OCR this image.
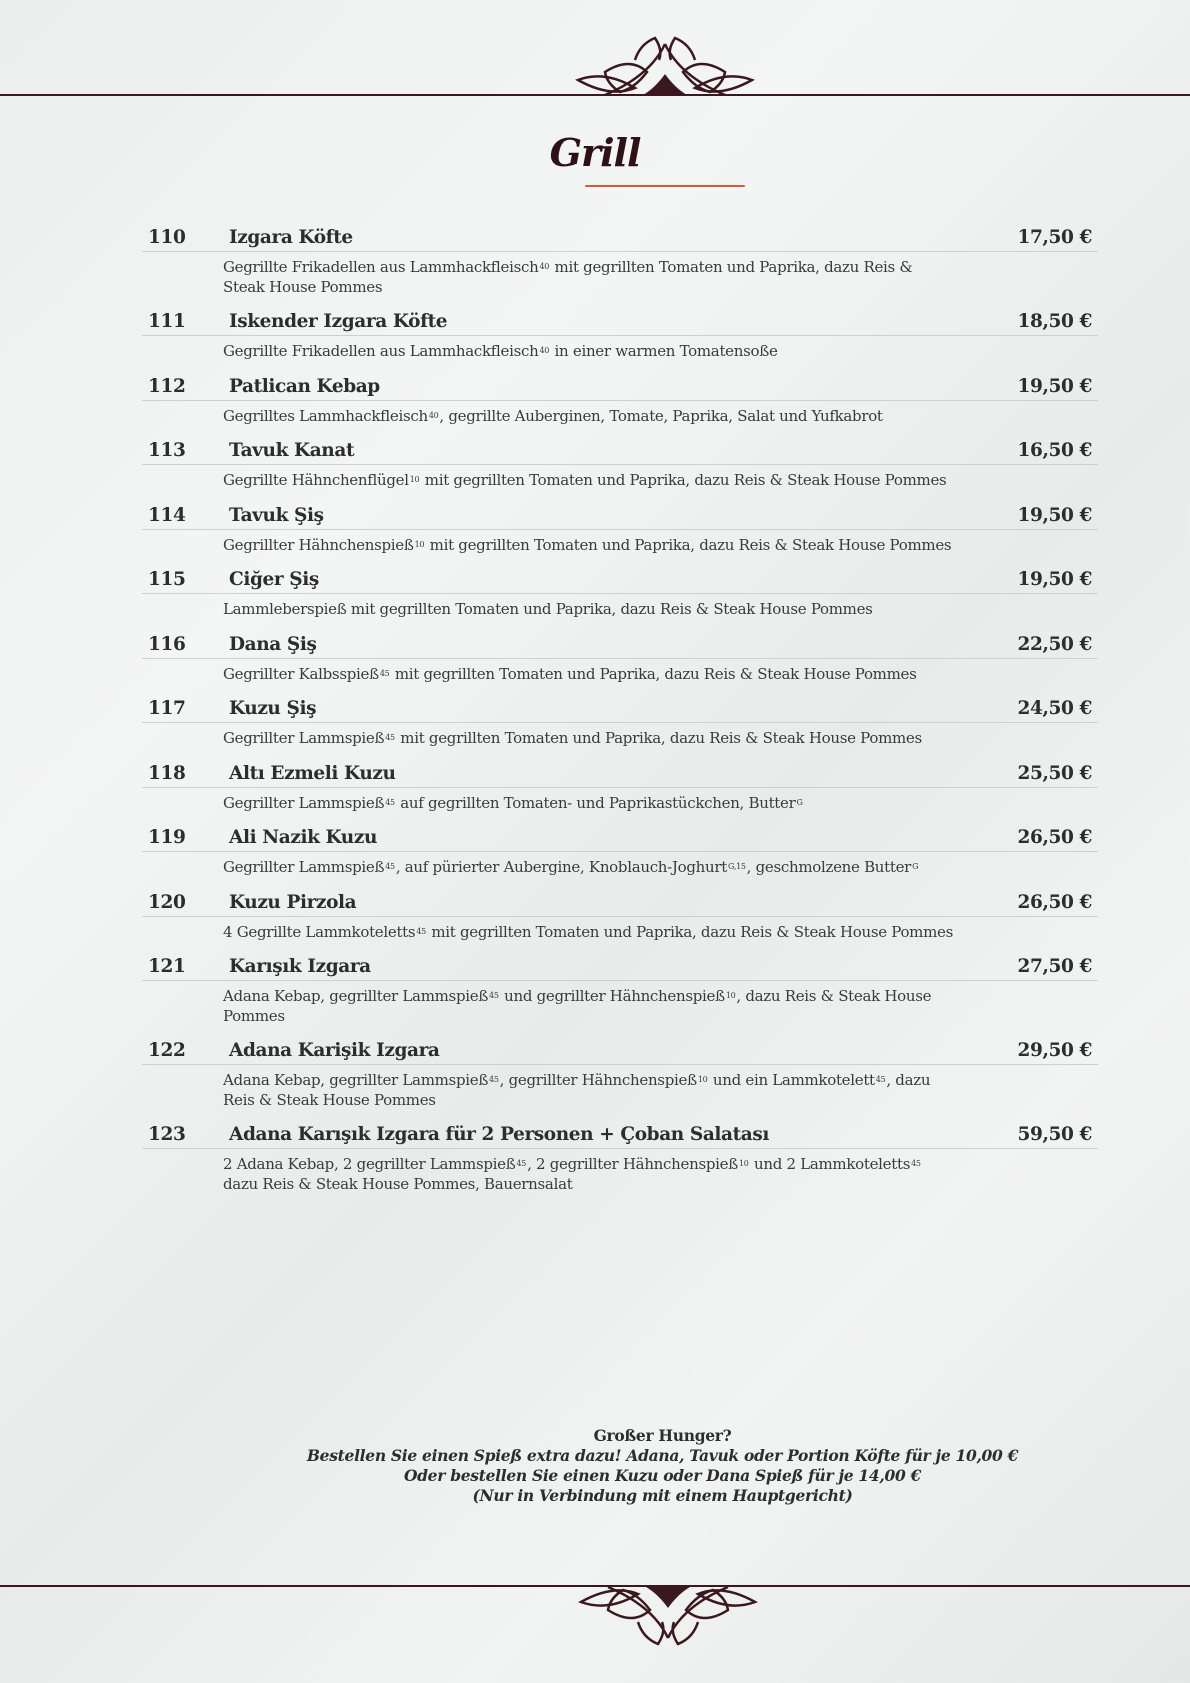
Grill
110	Izgara Köfte	17,50 €
Gegrillte Frikadellen aus Lammhackfleisch$^{40}$ mit gegrillten Tomaten und Paprika, dazu Reis & Steak House Pommes
111	Iskender Izgara Köfte	18,50 €
Gegrillte Frikadellen aus Lammhackfleisch$^{40}$ in einer warmen Tomatensoße
112	Patlican Kebap	19,50 €
Gegrilltes Lammhackfleisch$^{40}$, gegrillte Auberginen, Tomate, Paprika, Salat und Yufkabrot
113	Tavuk Kanat	16,50 €
Gegrillte Hähnchenflügel$^{10}$ mit gegrillten Tomaten und Paprika, dazu Reis & Steak House Pommes
114	Tavuk Şiş	19,50 €
Gegrillter Hähnchenspieß$^{10}$ mit gegrillten Tomaten und Paprika, dazu Reis & Steak House Pommes
115	Ciğer Şiş	19,50 €
Lammleberspieß mit gegrillten Tomaten und Paprika, dazu Reis & Steak House Pommes
116	Dana Şiş	22,50 €
Gegrillter Kalbsspieß$^{45}$ mit gegrillten Tomaten und Paprika, dazu Reis & Steak House Pommes
117	Kuzu Şiş	24,50 €
Gegrillter Lammspieß$^{45}$ mit gegrillten Tomaten und Paprika, dazu Reis & Steak House Pommes
118	Altı Ezmeli Kuzu	25,50 €
Gegrillter Lammspieß$^{45}$ auf gegrillten Tomaten- und Paprikastückchen, Butter$^G$
119	Ali Nazik Kuzu	26,50 €
Gegrillter Lammspieß$^{45}$, auf pürierter Aubergine, Knoblauch-Joghurt$^{G,15}$, geschmolzene Butter$^G$
120	Kuzu Pirzola	26,50 €
4 Gegrillte Lammkoteletts$^{45}$ mit gegrillten Tomaten und Paprika, dazu Reis & Steak House Pommes
121	Karışık Izgara	27,50 €
Adana Kebap, gegrillter Lammspieß$^{45}$ und gegrillter Hähnchenspieß$^{10}$, dazu Reis & Steak House Pommes
122	Adana Karişik Izgara	29,50 €
Adana Kebap, gegrillter Lammspieß$^{45}$, gegrillter Hähnchenspieß$^{10}$ und ein Lammkotelett$^{45}$, dazu Reis & Steak House Pommes
123	Adana Karışık Izgara für 2 Personen + Çoban Salatası	59,50 €
2 Adana Kebap, 2 gegrillter Lammspieß$^{45}$, 2 gegrillter Hähnchenspieß$^{10}$ und 2 Lammkoteletts$^{45}$ dazu Reis & Steak House Pommes, Bauernsalat
Großer Hunger?
Bestellen Sie einen Spieß extra dazu! Adana, Tavuk oder Portion Köfte für je 10,00 €
Oder bestellen Sie einen Kuzu oder Dana Spieß für je 14,00 €
(Nur in Verbindung mit einem Hauptgericht)
